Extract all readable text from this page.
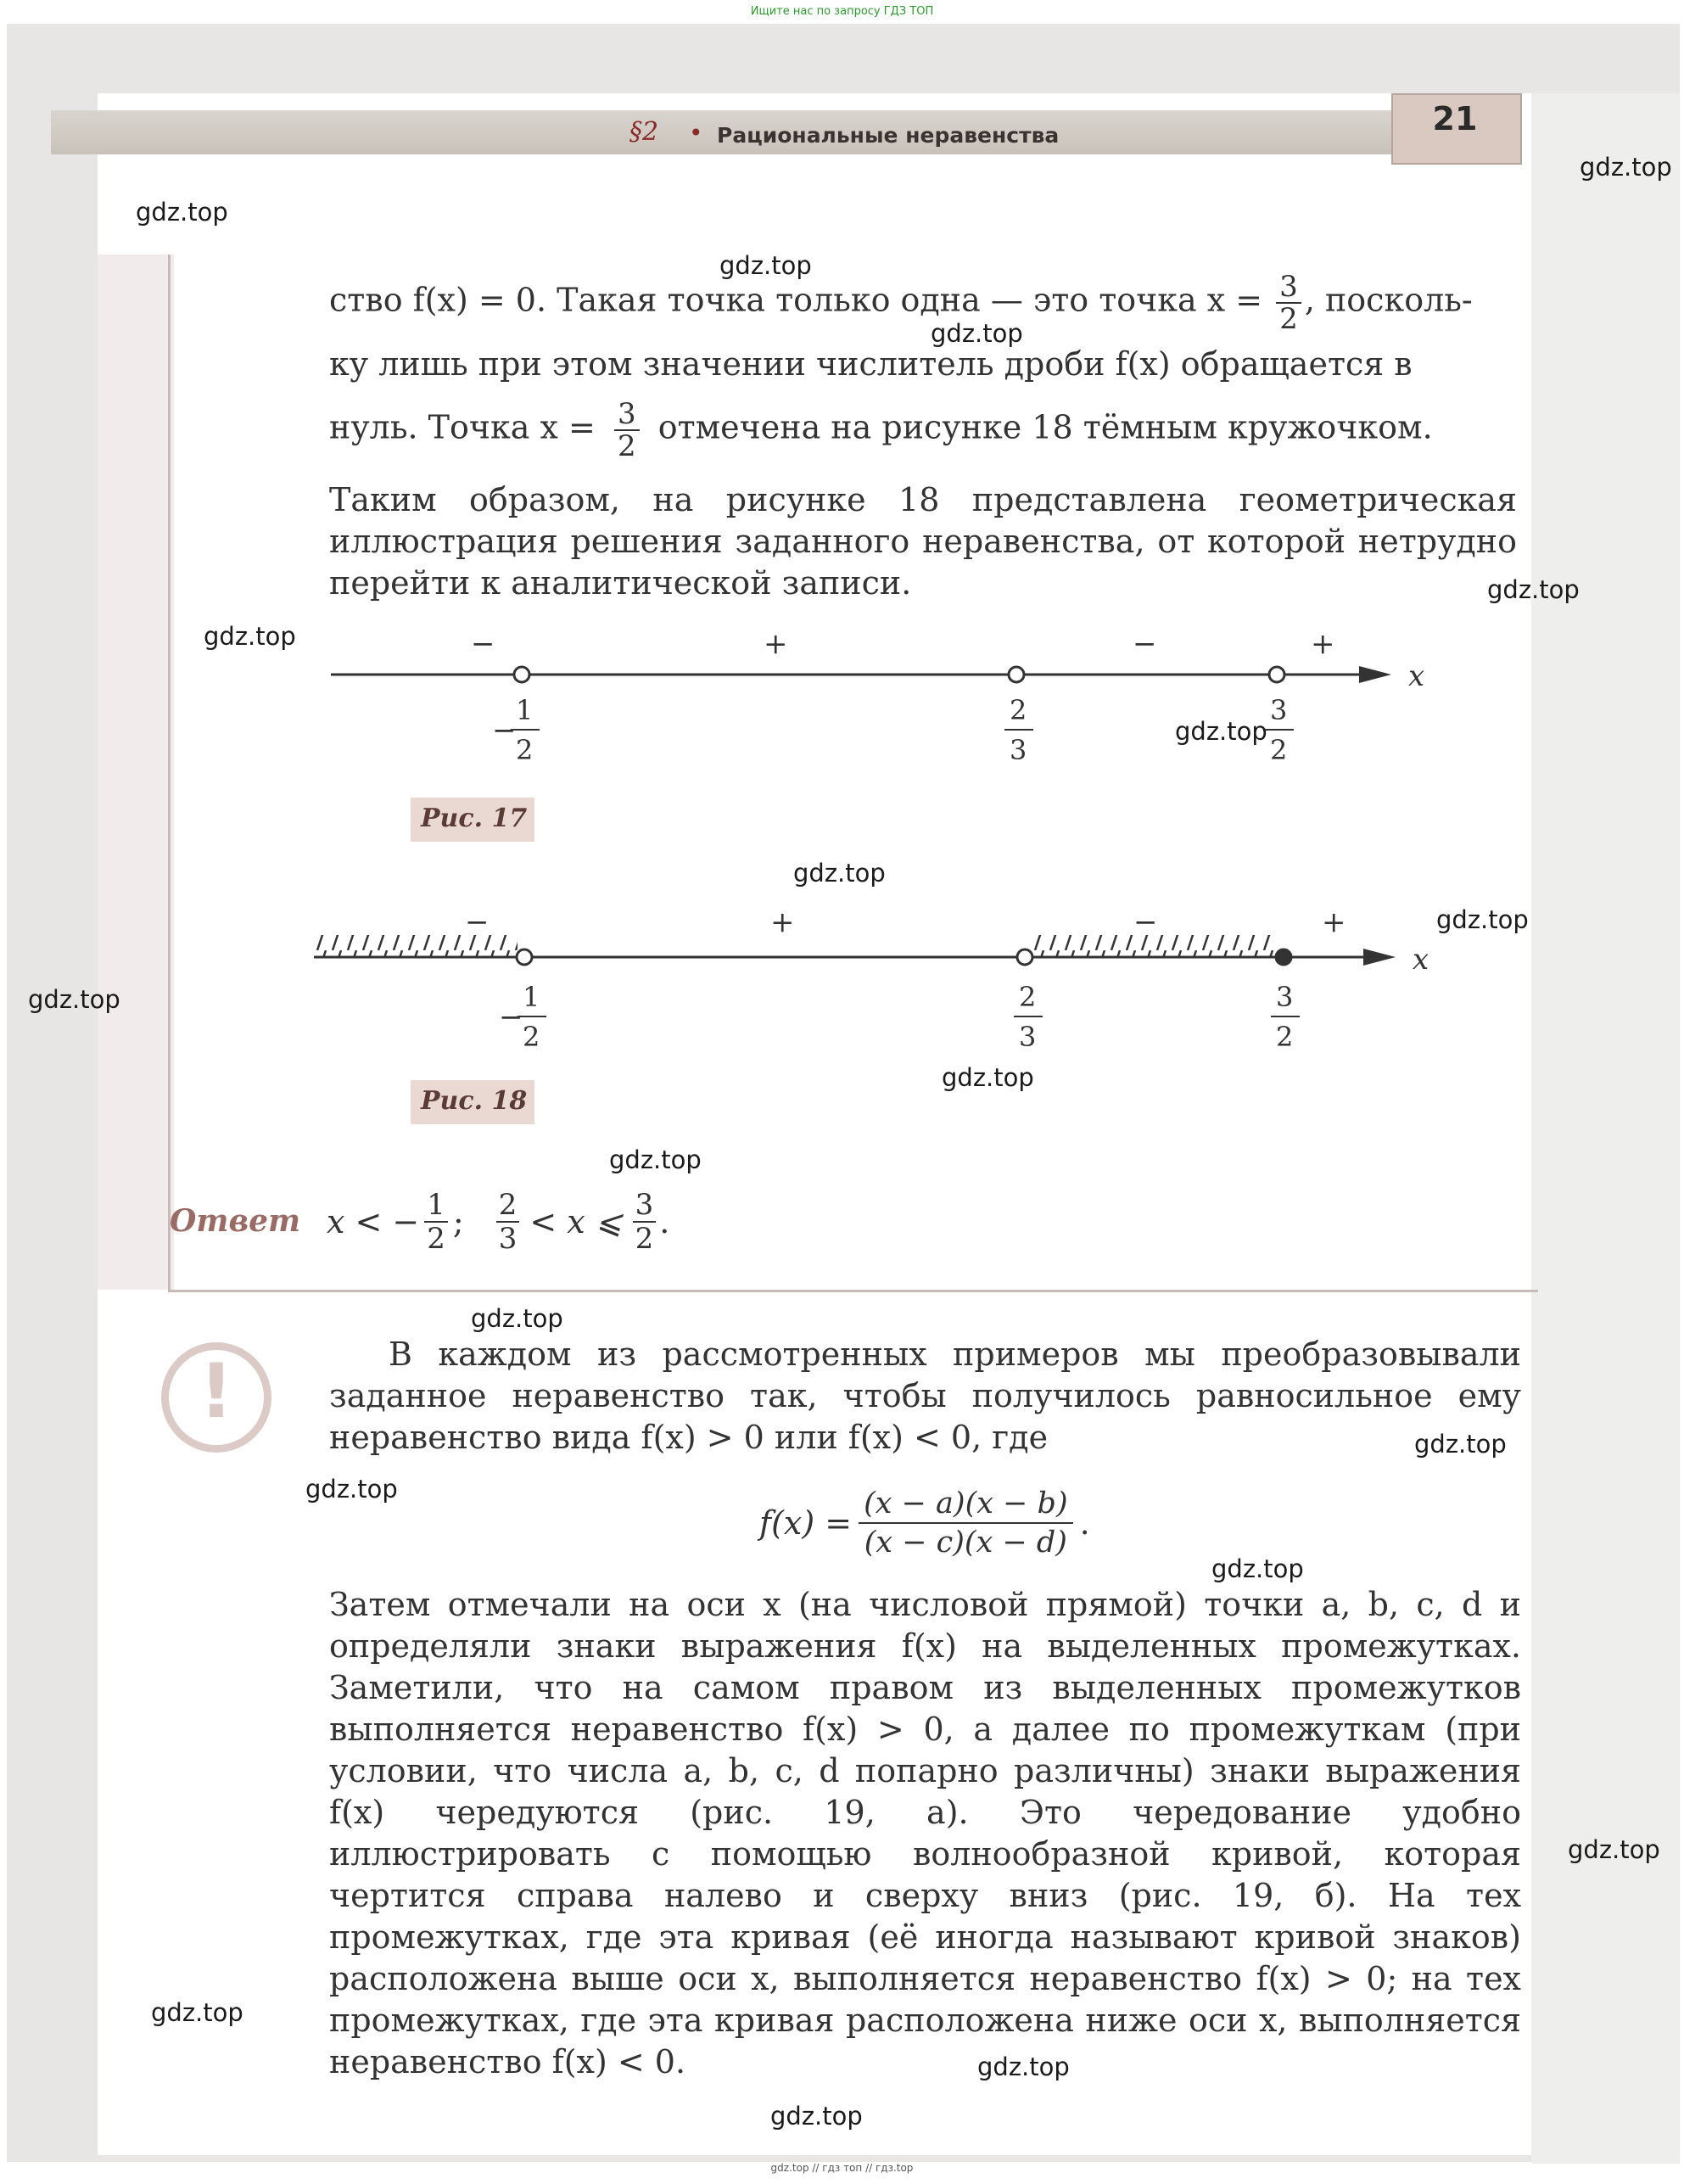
Ищите нас по запросу ГДЗ ТОП
§2 • Рациональные неравенства	21
ство f(x) = 0. Такая точка только одна — это точка $x = \frac{3}{2}$ , посколь-
ку лишь при этом значении числитель дроби f(x) обращается в
нуль. Точка $x = \frac{3}{2}$ отмечена на рисунке 18 тёмным кружочком.
Таким образом, на рисунке 18 представлена геометрическая иллюстрация решения заданного неравенства, от которой нетрудно перейти к аналитической записи.
x
−	+	−	+
−
1
2
2
3
3
2
Рис. 17
x
−	+	−	+
−
1
2
2
3
3
2
Рис. 18
Ответ x < − $\frac{1}{2}$ ; $\frac{2}{3} < x$ ⩽ $\frac{3}{2}$ .
!	В каждом из рассмотренных примеров мы преобразовывали заданное неравенство так, чтобы получилось равносильное ему неравенство вида f(x) > 0 или f(x) < 0, где
$f(x) = \frac{(x - a)(x - b)}{(x - c)(x - d)}$ .
Затем отмечали на оси x (на числовой прямой) точки a, b, c, d и определяли знаки выражения f(x) на выделенных промежутках. Заметили, что на самом правом из выделенных промежутков выполняется неравенство f(x) > 0, а далее по промежуткам (при условии, что числа a, b, c, d попарно различны) знаки выражения f(x) чередуются (рис. 19, а). Это чередование удобно иллюстрировать с помощью волнообразной кривой, которая чертится справа налево и сверху вниз (рис. 19, б). На тех промежутках, где эта кривая (её иногда называют кривой знаков) расположена выше оси x, выполняется неравенство f(x) > 0; на тех промежутках, где эта кривая расположена ниже оси x, выполняется неравенство f(x) < 0.
gdz.top
gdz.top
gdz.top
gdz.top
gdz.top
gdz.top
gdz.top
gdz.top
gdz.top
gdz.top
gdz.top
gdz.top
gdz.top
gdz.top
gdz.top
gdz.top
gdz.top
gdz.top
gdz.top
gdz.top
gdz.top // гдз топ // гдз.top
